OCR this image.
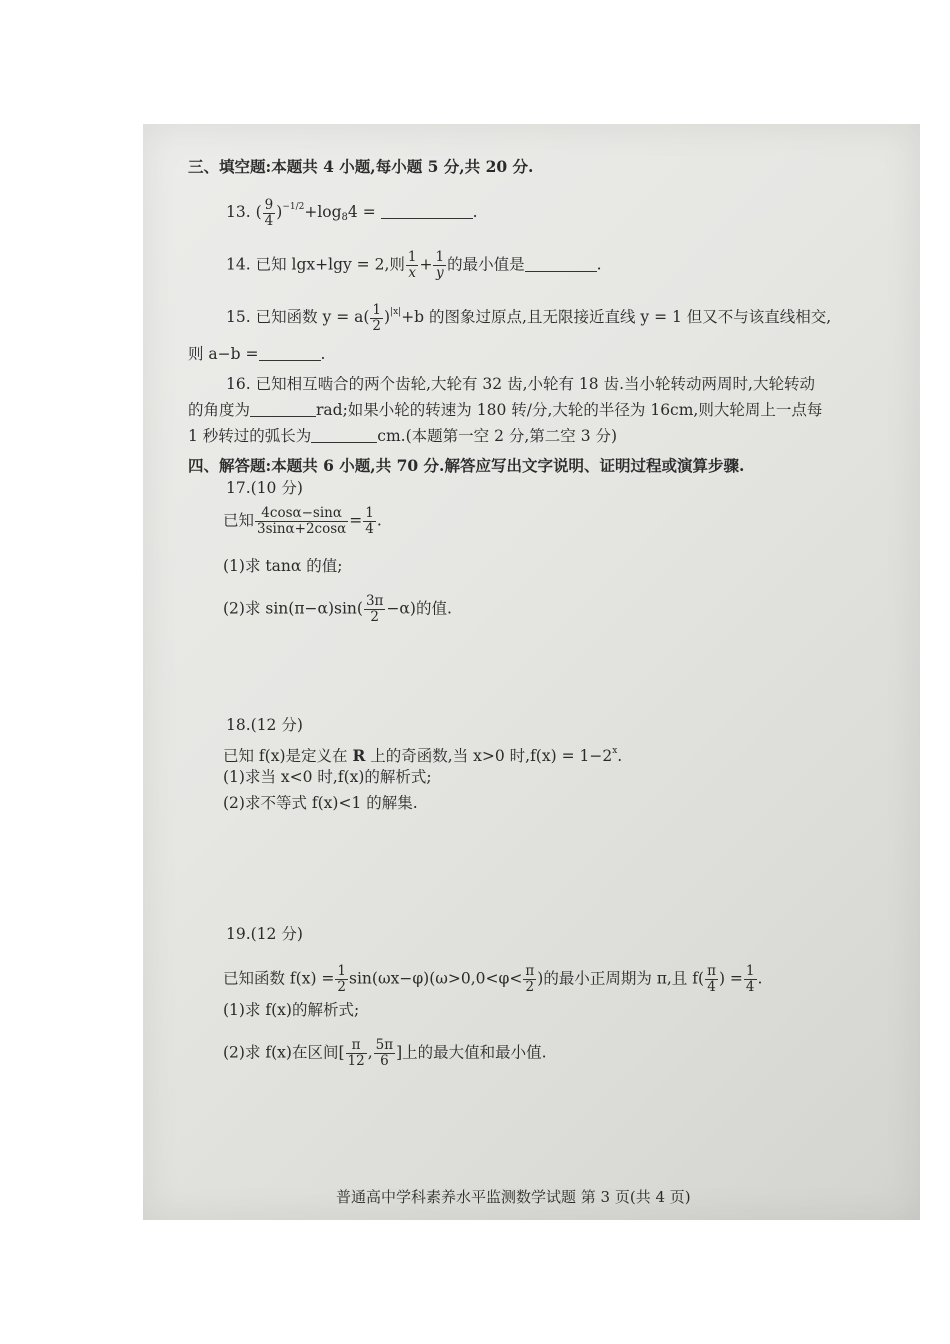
三、填空题:本题共 4 小题,每小题 5 分,共 20 分.
13. ( $\frac{9}{4} )^{-1/2}+\log_84$ =	.
14. 已知 lgx+lgy = 2,则 $\frac{1}{x} + \frac{1}{y}$ 的最小值是	.
15. 已知函数 $y = a( \frac{1}{2} )^{|x|}+b$ 的图象过原点,且无限接近直线 y = 1 但又不与该直线相交,
则 a−b =	.
16. 已知相互啮合的两个齿轮,大轮有 32 齿,小轮有 18 齿.当小轮转动两周时,大轮转动
的角度为	rad;如果小轮的转速为 180 转/分,大轮的半径为 16cm,则大轮周上一点每
1 秒转过的弧长为	cm.(本题第一空 2 分,第二空 3 分)
四、解答题:本题共 6 小题,共 70 分.解答应写出文字说明、证明过程或演算步骤.
17.(10 分)
已知 $\frac{4\cos\alpha-\sin\alpha}{3\sin\alpha+2\cos\alpha} = \frac{1}{4}$ .
(1)求 tanα 的值;
(2)求 $\sin(\pi-\alpha)\sin( \frac{3\pi}{2} -\alpha)$的值.
18.(12 分)
已知 f(x)是定义在 R 上的奇函数,当 x>0 时$,f(x) = 1-2^x$.
(1)求当 x<0 时,f(x)的解析式;
(2)求不等式 f(x)<1 的解集.
19.(12 分)
已知函数 $f(x) = \frac{1}{2} \sin(\omega x-\varphi)(\omega>0,0<\varphi< \frac{\pi}{2}$ )的最小正周期为 π,且 $f( \frac{\pi}{4}$ ) = $\frac{1}{4}$ .
(1)求 f(x)的解析式;
(2)求 f(x)在区间[ $\frac{\pi}{12}$ , $\frac{5\pi}{6}$ ]上的最大值和最小值.
普通高中学科素养水平监测数学试题 第 3 页(共 4 页)
